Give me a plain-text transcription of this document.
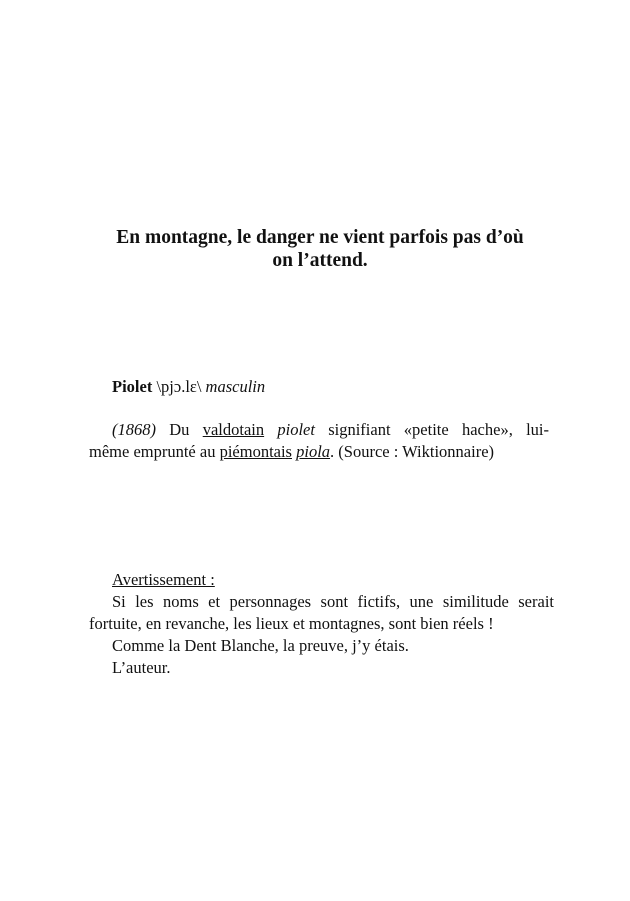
En montagne, le danger ne vient parfois pas d’où
on l’attend.
Piolet \pjɔ.lɛ\ masculin
(1868) Du valdotain piolet signifiant «petite hache», lui-
même emprunté au piémontais piola. (Source : Wiktionnaire)
Avertissement :
Si les noms et personnages sont fictifs, une similitude serait fortuite, en revanche, les lieux et montagnes, sont bien réels !
Comme la Dent Blanche, la preuve, j’y étais.
L’auteur.
